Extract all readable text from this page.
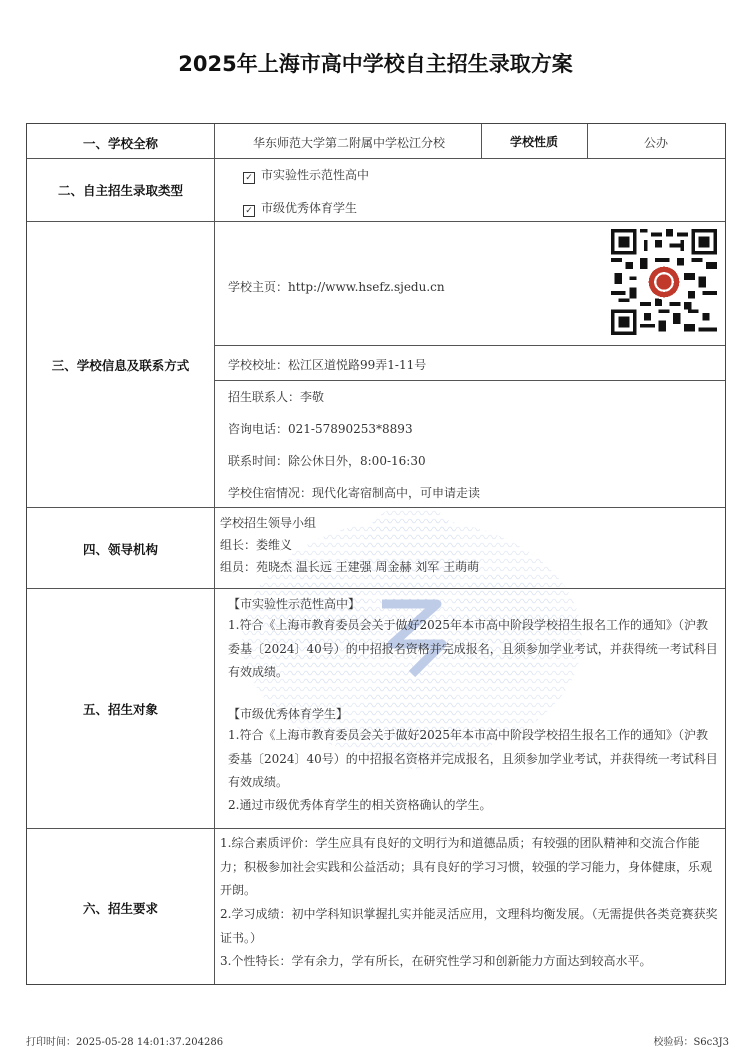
2025年上海市高中学校自主招生录取方案
一、学校全称	华东师范大学第二附属中学松江分校	学校性质	公办
二、自主招生录取类型
✓ 市实验性示范性高中
✓ 市级优秀体育学生
三、学校信息及联系方式
学校主页：http://www.hsefz.sjedu.cn
学校校址：松江区道悦路99弄1-11号
招生联系人：李敬
咨询电话：021-57890253*8893
联系时间：除公休日外，8:00-16:30
学校住宿情况：现代化寄宿制高中，可申请走读
四、领导机构
学校招生领导小组
组长：娄维义
组员：苑晓杰 温长远 王建强 周金赫 刘军 王萌萌
五、招生对象
【市实验性示范性高中】
1.符合《上海市教育委员会关于做好2025年本市高中阶段学校招生报名工作的通知》（沪教委基〔2024〕40号）的中招报名资格并完成报名，且须参加学业考试，并获得统一考试科目有效成绩。
【市级优秀体育学生】
1.符合《上海市教育委员会关于做好2025年本市高中阶段学校招生报名工作的通知》（沪教委基〔2024〕40号）的中招报名资格并完成报名，且须参加学业考试，并获得统一考试科目有效成绩。
2.通过市级优秀体育学生的相关资格确认的学生。
六、招生要求
1.综合素质评价：学生应具有良好的文明行为和道德品质；有较强的团队精神和交流合作能力；积极参加社会实践和公益活动；具有良好的学习习惯，较强的学习能力，身体健康，乐观开朗。
2.学习成绩：初中学科知识掌握扎实并能灵活应用，文理科均衡发展。（无需提供各类竞赛获奖证书。）
3.个性特长：学有余力，学有所长，在研究性学习和创新能力方面达到较高水平。
打印时间：2025-05-28 14:01:37.204286	校验码：S6c3J3
